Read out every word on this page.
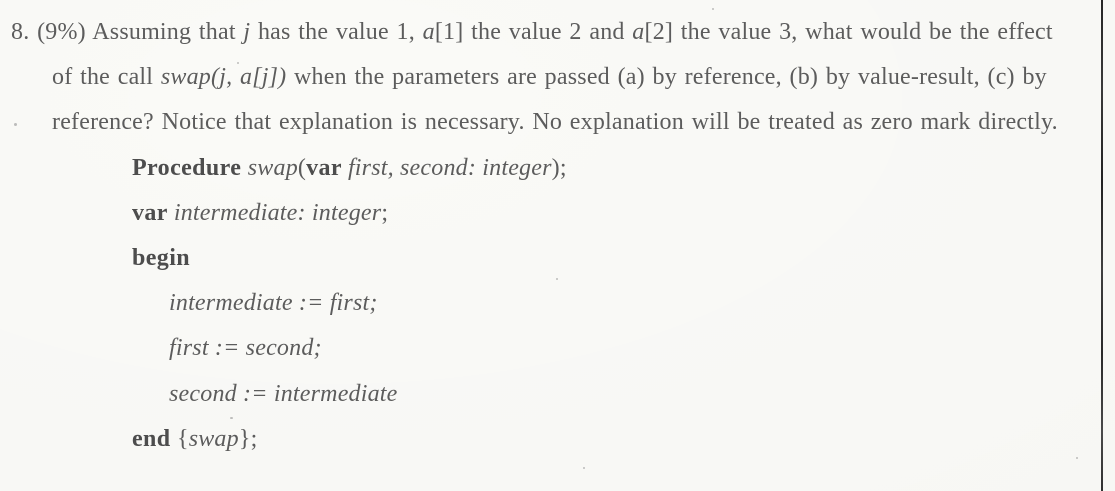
8. (9%) Assuming that j has the value 1, a[1] the value 2 and a[2] the value 3, what would be the effect
of the call swap(j, a[j]) when the parameters are passed (a) by reference, (b) by value-result, (c) by
reference? Notice that explanation is necessary. No explanation will be treated as zero mark directly.
Procedure swap(var first, second: integer);
var intermediate: integer;
begin
intermediate := first;
first := second;
second := intermediate
end {swap};
